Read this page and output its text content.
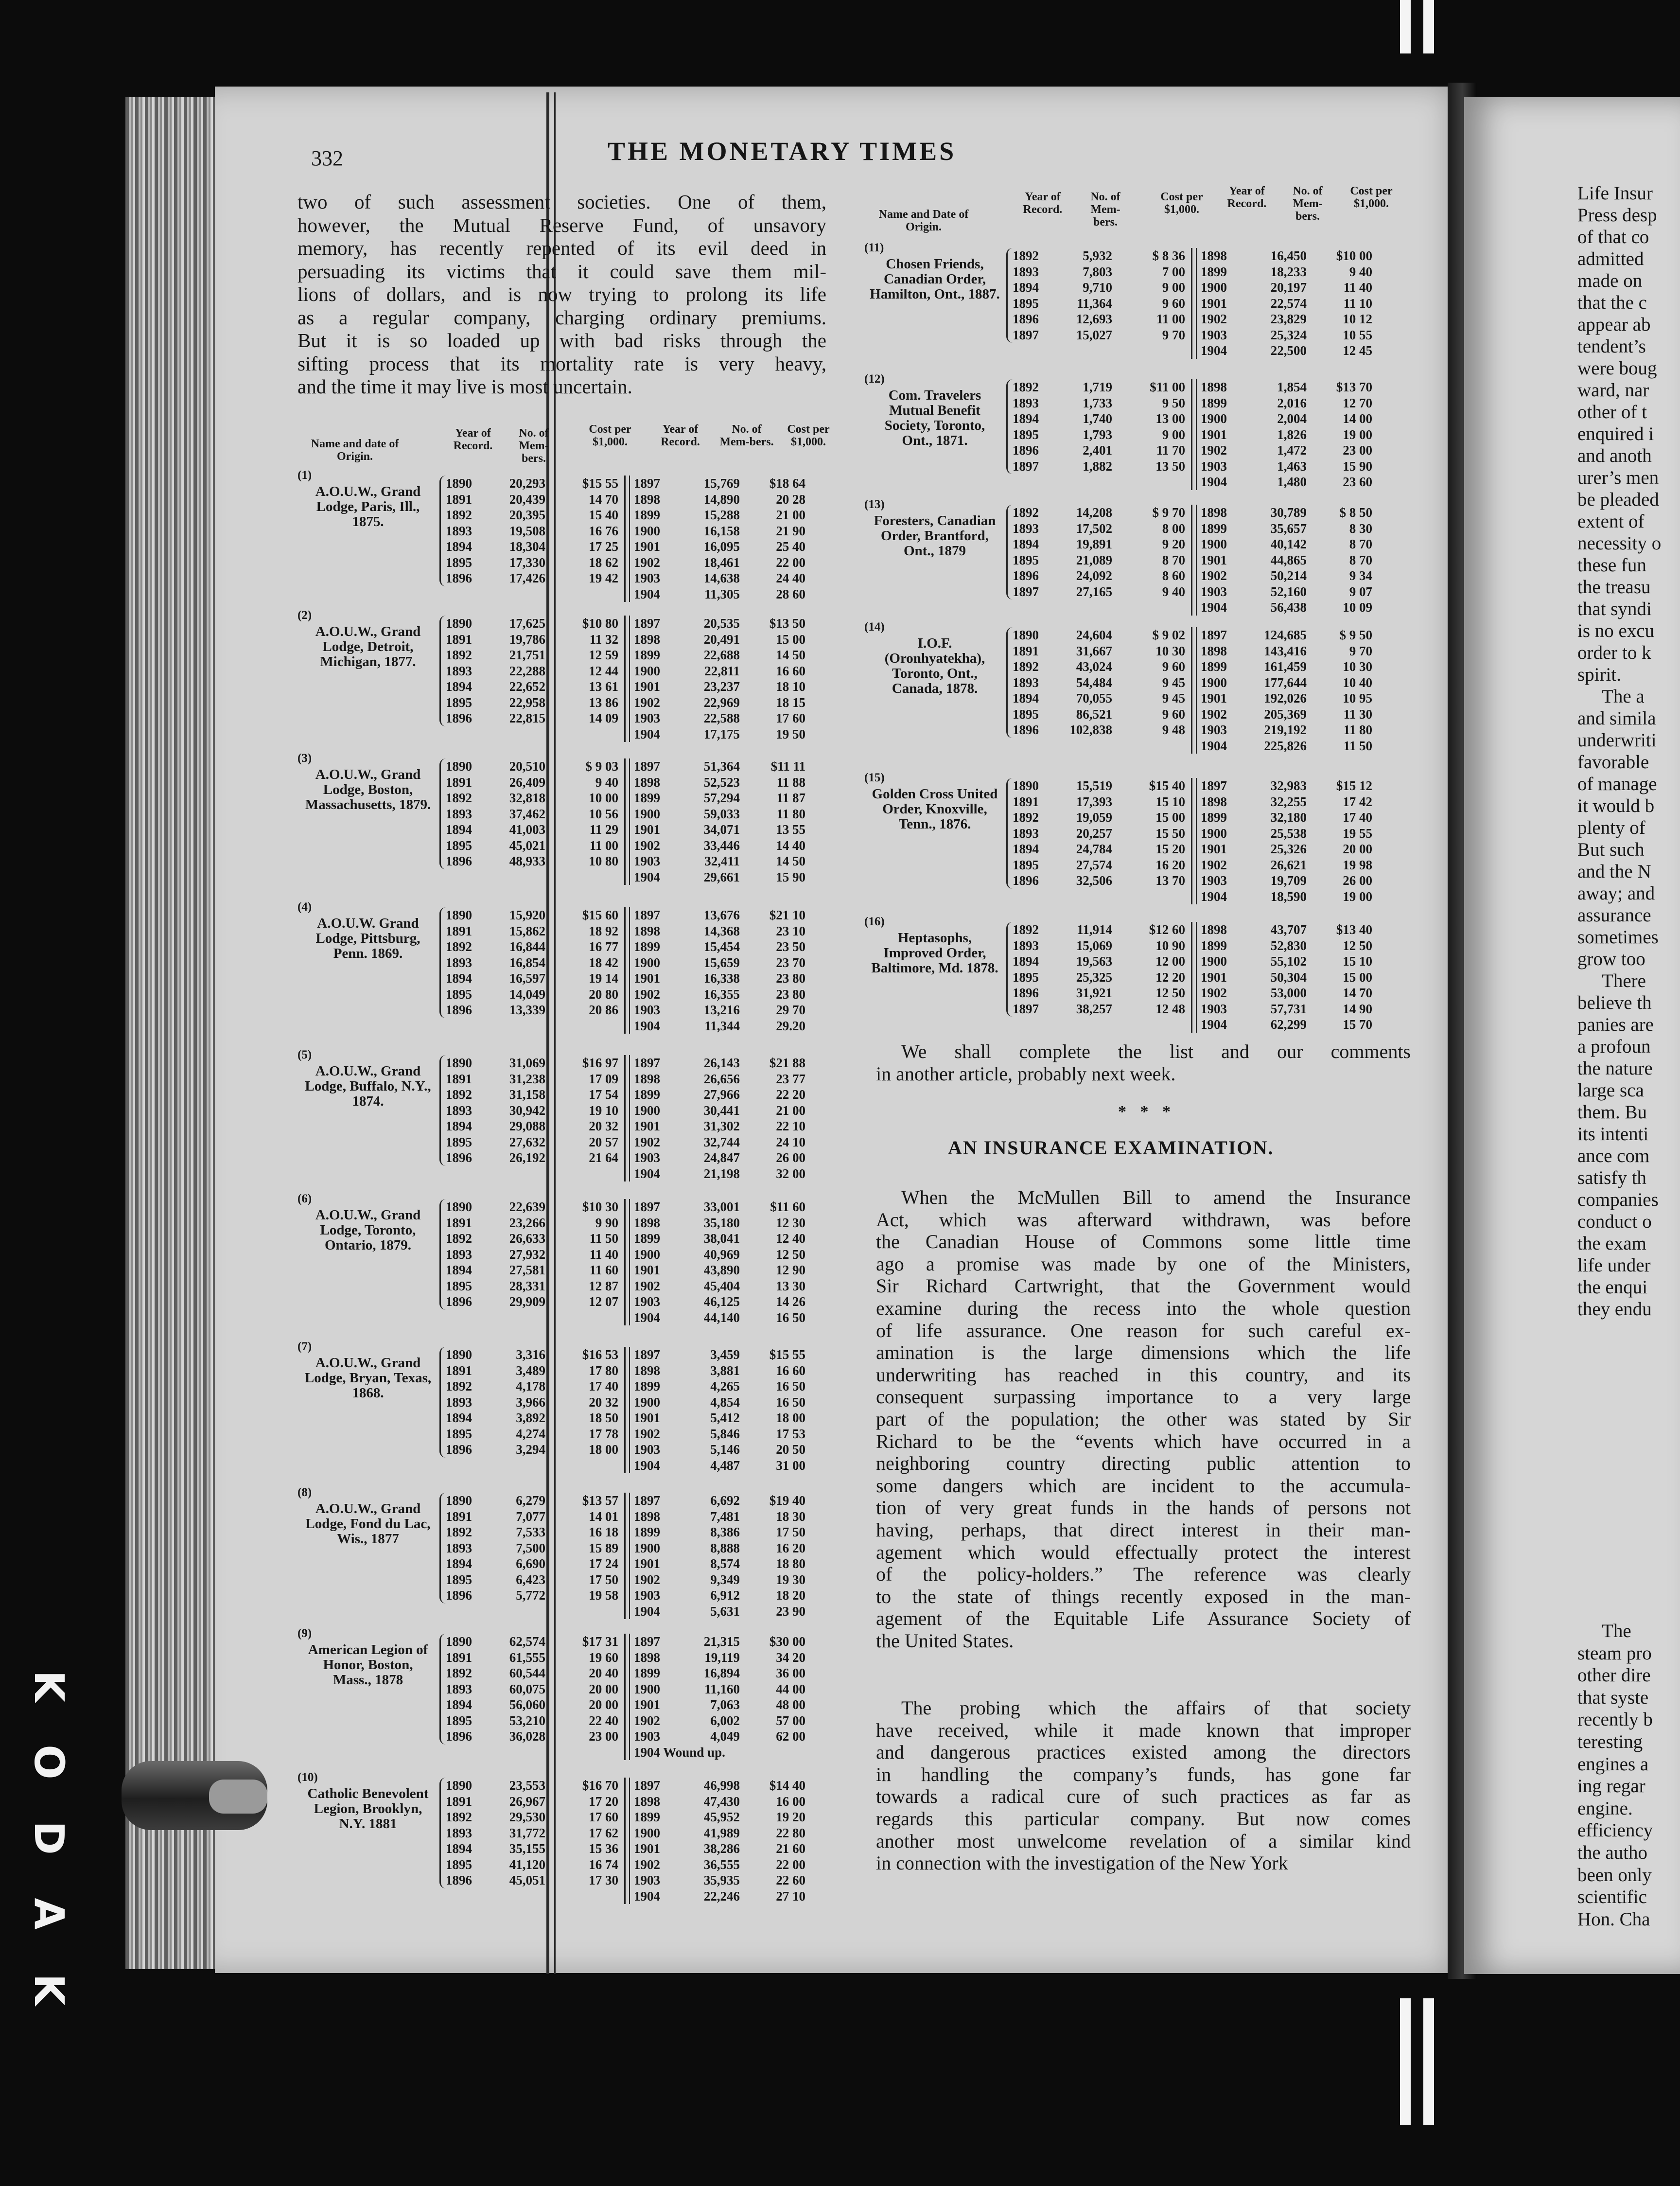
K
O
D
A
K
332	THE MONETARY TIMES

two of such assessment societies. One of them,

however, the Mutual Reserve Fund, of unsavory

memory, has recently repented of its evil deed in

persuading its victims that it could save them mil-

lions of dollars, and is now trying to prolong its life

as a regular company, charging ordinary premiums.

But it is so loaded up with bad risks through the

sifting process that its mortality rate is very heavy,

and the time it may live is most uncertain.

Name and date of Origin.
Year of Record.
No. of Mem-bers.
Cost per $1,000.
Year of Record.
No. of Mem-bers.
Cost per $1,000.
Name and Date of Origin.
Year of Record.
No. of Mem-bers.
Cost per $1,000.
Year of Record.
No. of Mem-bers.
Cost per $1,000.
(1)
A.O.U.W., Grand Lodge, Paris, Ill., 1875.
1890
1891
1892
1893
1894
1895
1896
20,293
20,439
20,395
19,508
18,304
17,330
17,426
$15 55
14 70
15 40
16 76
17 25
18 62
19 42
1897
1898
1899
1900
1901
1902
1903
1904
15,769
14,890
15,288
16,158
16,095
18,461
14,638
11,305
$18 64
20 28
21 00
21 90
25 40
22 00
24 40
28 60
(2)
A.O.U.W., Grand Lodge, Detroit, Michigan, 1877.
1890
1891
1892
1893
1894
1895
1896
17,625
19,786
21,751
22,288
22,652
22,958
22,815
$10 80
11 32
12 59
12 44
13 61
13 86
14 09
1897
1898
1899
1900
1901
1902
1903
1904
20,535
20,491
22,688
22,811
23,237
22,969
22,588
17,175
$13 50
15 00
14 50
16 60
18 10
18 15
17 60
19 50
(3)
A.O.U.W., Grand Lodge, Boston, Massachusetts, 1879.
1890
1891
1892
1893
1894
1895
1896
20,510
26,409
32,818
37,462
41,003
45,021
48,933
$ 9 03
9 40
10 00
10 56
11 29
11 00
10 80
1897
1898
1899
1900
1901
1902
1903
1904
51,364
52,523
57,294
59,033
34,071
33,446
32,411
29,661
$11 11
11 88
11 87
11 80
13 55
14 40
14 50
15 90
(4)
A.O.U.W. Grand Lodge, Pittsburg, Penn. 1869.
1890
1891
1892
1893
1894
1895
1896
15,920
15,862
16,844
16,854
16,597
14,049
13,339
$15 60
18 92
16 77
18 42
19 14
20 80
20 86
1897
1898
1899
1900
1901
1902
1903
1904
13,676
14,368
15,454
15,659
16,338
16,355
13,216
11,344
$21 10
23 10
23 50
23 70
23 80
23 80
29 70
29.20
(5)
A.O.U.W., Grand Lodge, Buffalo, N.Y., 1874.
1890
1891
1892
1893
1894
1895
1896
31,069
31,238
31,158
30,942
29,088
27,632
26,192
$16 97
17 09
17 54
19 10
20 32
20 57
21 64
1897
1898
1899
1900
1901
1902
1903
1904
26,143
26,656
27,966
30,441
31,302
32,744
24,847
21,198
$21 88
23 77
22 20
21 00
22 10
24 10
26 00
32 00
(6)
A.O.U.W., Grand Lodge, Toronto, Ontario, 1879.
1890
1891
1892
1893
1894
1895
1896
22,639
23,266
26,633
27,932
27,581
28,331
29,909
$10 30
9 90
11 50
11 40
11 60
12 87
12 07
1897
1898
1899
1900
1901
1902
1903
1904
33,001
35,180
38,041
40,969
43,890
45,404
46,125
44,140
$11 60
12 30
12 40
12 50
12 90
13 30
14 26
16 50
(7)
A.O.U.W., Grand Lodge, Bryan, Texas, 1868.
1890
1891
1892
1893
1894
1895
1896
3,316
3,489
4,178
3,966
3,892
4,274
3,294
$16 53
17 80
17 40
20 32
18 50
17 78
18 00
1897
1898
1899
1900
1901
1902
1903
1904
3,459
3,881
4,265
4,854
5,412
5,846
5,146
4,487
$15 55
16 60
16 50
16 50
18 00
17 53
20 50
31 00
(8)
A.O.U.W., Grand Lodge, Fond du Lac, Wis., 1877
1890
1891
1892
1893
1894
1895
1896
6,279
7,077
7,533
7,500
6,690
6,423
5,772
$13 57
14 01
16 18
15 89
17 24
17 50
19 58
1897
1898
1899
1900
1901
1902
1903
1904
6,692
7,481
8,386
8,888
8,574
9,349
6,912
5,631
$19 40
18 30
17 50
16 20
18 80
19 30
18 20
23 90
(9)
American Legion of Honor, Boston, Mass., 1878
1890
1891
1892
1893
1894
1895
1896
62,574
61,555
60,544
60,075
56,060
53,210
36,028
$17 31
19 60
20 40
20 00
20 00
22 40
23 00
1897
1898
1899
1900
1901
1902
1903
1904 Wound up.
21,315
19,119
16,894
11,160
7,063
6,002
4,049

$30 00
34 20
36 00
44 00
48 00
57 00
62 00

(10)
Catholic Benevolent Legion, Brooklyn, N.Y. 1881
1890
1891
1892
1893
1894
1895
1896
23,553
26,967
29,530
31,772
35,155
41,120
45,051
$16 70
17 20
17 60
17 62
15 36
16 74
17 30
1897
1898
1899
1900
1901
1902
1903
1904
46,998
47,430
45,952
41,989
38,286
36,555
35,935
22,246
$14 40
16 00
19 20
22 80
21 60
22 00
22 60
27 10
(11)
Chosen Friends, Canadian Order, Hamilton, Ont., 1887.
1892
1893
1894
1895
1896
1897
5,932
7,803
9,710
11,364
12,693
15,027
$ 8 36
7 00
9 00
9 60
11 00
9 70
1898
1899
1900
1901
1902
1903
1904
16,450
18,233
20,197
22,574
23,829
25,324
22,500
$10 00
9 40
11 40
11 10
10 12
10 55
12 45
(12)
Com. Travelers Mutual Benefit Society, Toronto, Ont., 1871.
1892
1893
1894
1895
1896
1897
1,719
1,733
1,740
1,793
2,401
1,882
$11 00
9 50
13 00
9 00
11 70
13 50
1898
1899
1900
1901
1902
1903
1904
1,854
2,016
2,004
1,826
1,472
1,463
1,480
$13 70
12 70
14 00
19 00
23 00
15 90
23 60
(13)
Foresters, Canadian Order, Brantford, Ont., 1879
1892
1893
1894
1895
1896
1897
14,208
17,502
19,891
21,089
24,092
27,165
$ 9 70
8 00
9 20
8 70
8 60
9 40
1898
1899
1900
1901
1902
1903
1904
30,789
35,657
40,142
44,865
50,214
52,160
56,438
$ 8 50
8 30
8 70
8 70
9 34
9 07
10 09
(14)
I.O.F. (Oronhyatekha), Toronto, Ont., Canada, 1878.
1890
1891
1892
1893
1894
1895
1896
24,604
31,667
43,024
54,484
70,055
86,521
102,838
$ 9 02
10 30
9 60
9 45
9 45
9 60
9 48
1897
1898
1899
1900
1901
1902
1903
1904
124,685
143,416
161,459
177,644
192,026
205,369
219,192
225,826
$ 9 50
9 70
10 30
10 40
10 95
11 30
11 80
11 50
(15)
Golden Cross United Order, Knoxville, Tenn., 1876.
1890
1891
1892
1893
1894
1895
1896
15,519
17,393
19,059
20,257
24,784
27,574
32,506
$15 40
15 10
15 00
15 50
15 20
16 20
13 70
1897
1898
1899
1900
1901
1902
1903
1904
32,983
32,255
32,180
25,538
25,326
26,621
19,709
18,590
$15 12
17 42
17 40
19 55
20 00
19 98
26 00
19 00
(16)
Heptasophs, Improved Order, Baltimore, Md. 1878.
1892
1893
1894
1895
1896
1897
11,914
15,069
19,563
25,325
31,921
38,257
$12 60
10 90
12 00
12 20
12 50
12 48
1898
1899
1900
1901
1902
1903
1904
43,707
52,830
55,102
50,304
53,000
57,731
62,299
$13 40
12 50
15 10
15 00
14 70
14 90
15 70

We shall complete the list and our comments

in another article, probably next week.

* * *
AN INSURANCE EXAMINATION.

When the McMullen Bill to amend the Insurance

Act, which was afterward withdrawn, was before

the Canadian House of Commons some little time

ago a promise was made by one of the Ministers,

Sir Richard Cartwright, that the Government would

examine during the recess into the whole question

of life assurance. One reason for such careful ex-

amination is the large dimensions which the life

underwriting has reached in this country, and its

consequent surpassing importance to a very large

part of the population; the other was stated by Sir

Richard to be the “events which have occurred in a

neighboring country directing public attention to

some dangers which are incident to the accumula-

tion of very great funds in the hands of persons not

having, perhaps, that direct interest in their man-

agement which would effectually protect the interest

of the policy-holders.” The reference was clearly

to the state of things recently exposed in the man-

agement of the Equitable Life Assurance Society of

the United States.

The probing which the affairs of that society

have received, while it made known that improper

and dangerous practices existed among the directors

in handling the company’s funds, has gone far

towards a radical cure of such practices as far as

regards this particular company. But now comes

another most unwelcome revelation of a similar kind

in connection with the investigation of the New York

Life Insur
Press desp
of that co
admitted
made on
that the c
appear ab
tendent’s
were boug
ward, nar
other of t
enquired i
and anoth
urer’s men
be pleaded
extent of
necessity o
these fun
the treasu
that syndi
is no excu
order to k
spirit.
The a
and simila
underwriti
favorable
of manage
it would b
plenty of
But such
and the N
away; and
assurance
sometimes
grow too
There
believe th
panies are
a profoun
the nature
large sca
them. Bu
its intenti
ance com
satisfy th
companies
conduct o
the exam
life under
the enqui
they endu
The
steam pro
other dire
that syste
recently b
teresting
engines a
ing regar
engine.
efficiency
the autho
been only
scientific
Hon. Cha
